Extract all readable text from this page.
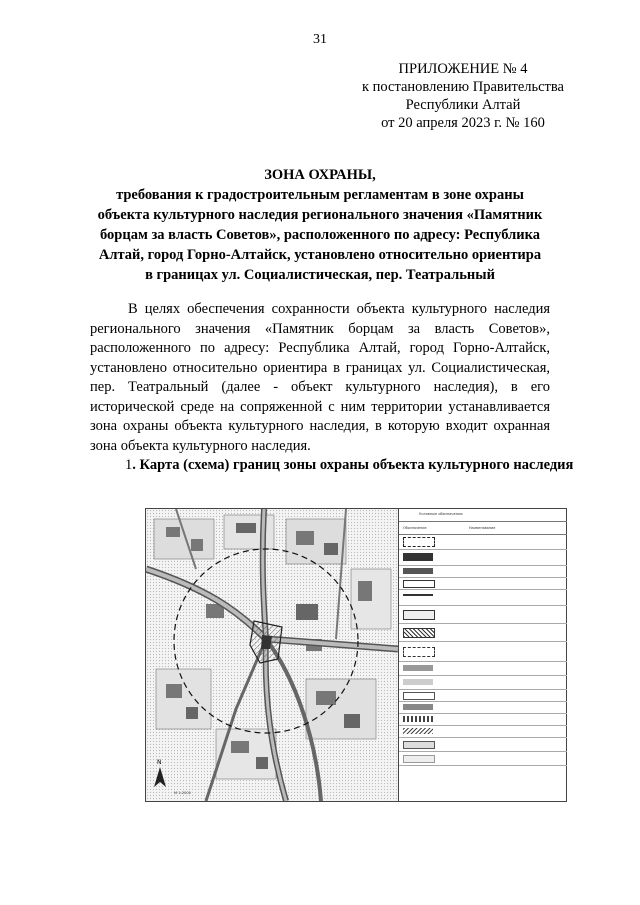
31
ПРИЛОЖЕНИЕ № 4
к постановлению Правительства
Республики Алтай
от 20 апреля 2023 г. № 160
ЗОНА ОХРАНЫ,
требования к градостроительным регламентам в зоне охраны объекта культурного наследия регионального значения «Памятник борцам за власть Советов», расположенного по адресу: Республика Алтай, город Горно-Алтайск, установлено относительно ориентира в границах ул. Социалистическая, пер. Театральный

В целях обеспечения сохранности объекта культурного наследия регионального значения «Памятник борцам за власть Советов», расположенного по адресу: Республика Алтай, город Горно-Алтайск, установлено относительно ориентира в границах ул. Социалистическая, пер. Театральный (далее - объект культурного наследия), в его исторической среде на сопряженной с ним территории устанавливается зона охраны объекта культурного наследия, в которую входит охранная зона объекта культурного наследия.

1. Карта (схема) границ зоны охраны объекта культурного наследия
N
М 1:2000
Условные обозначения
Обозначение	Наименование
